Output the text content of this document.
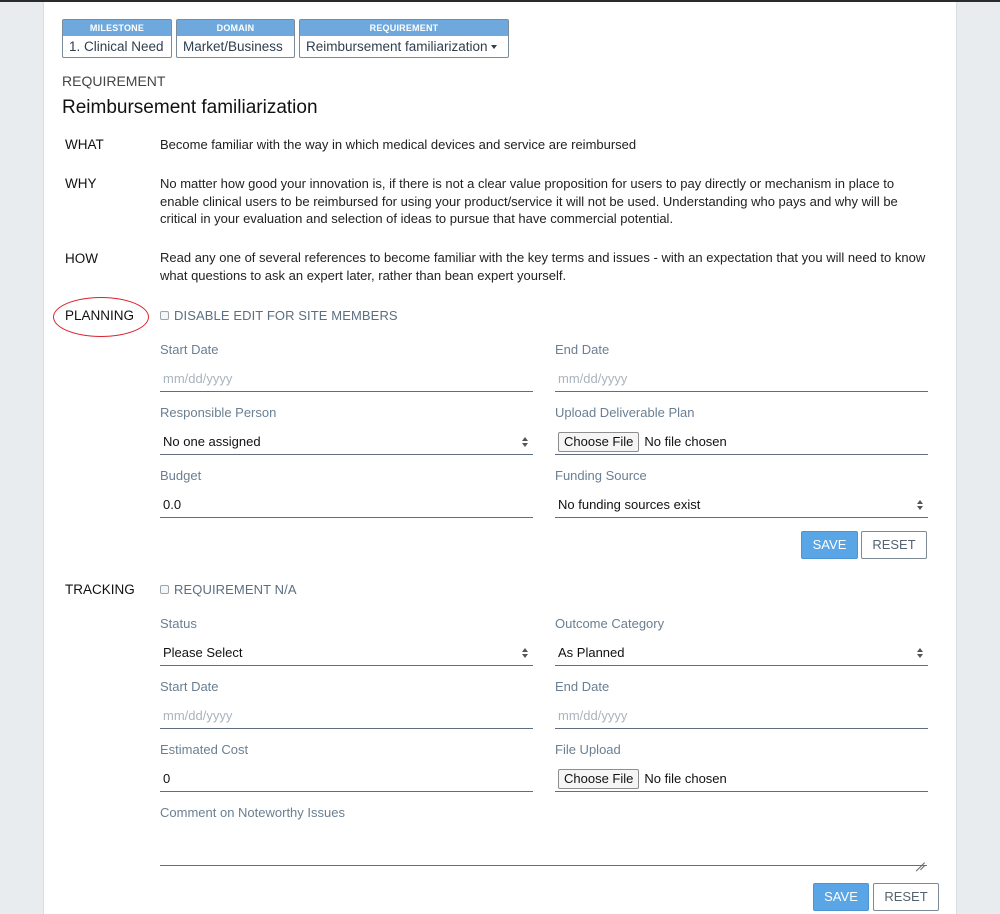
MILESTONE
1. Clinical Need
DOMAIN
Market/Business
REQUIREMENT
Reimbursement familiarization
REQUIREMENT
Reimbursement familiarization
WHAT	Become familiar with the way in which medical devices and service are reimbursed
WHY	No matter how good your innovation is, if there is not a clear value proposition for users to pay directly or mechanism in place to enable clinical users to be reimbursed for using your product/service it will not be used. Understanding who pays and why will be critical in your evaluation and selection of ideas to pursue that have commercial potential.
HOW	Read any one of several references to become familiar with the key terms and issues - with an expectation that you will need to know what questions to ask an expert later, rather than bean expert yourself.
PLANNING	DISABLE EDIT FOR SITE MEMBERS
Start Date
mm/dd/yyyy
End Date
mm/dd/yyyy
Responsible Person
No one assigned
Upload Deliverable Plan
Choose File No file chosen
Budget
0.0
Funding Source
No funding sources exist
SAVE	RESET
TRACKING	REQUIREMENT N/A
Status
Please Select
Outcome Category
As Planned
Start Date
mm/dd/yyyy
End Date
mm/dd/yyyy
Estimated Cost
0
File Upload
Choose File No file chosen
Comment on Noteworthy Issues
SAVE	RESET
